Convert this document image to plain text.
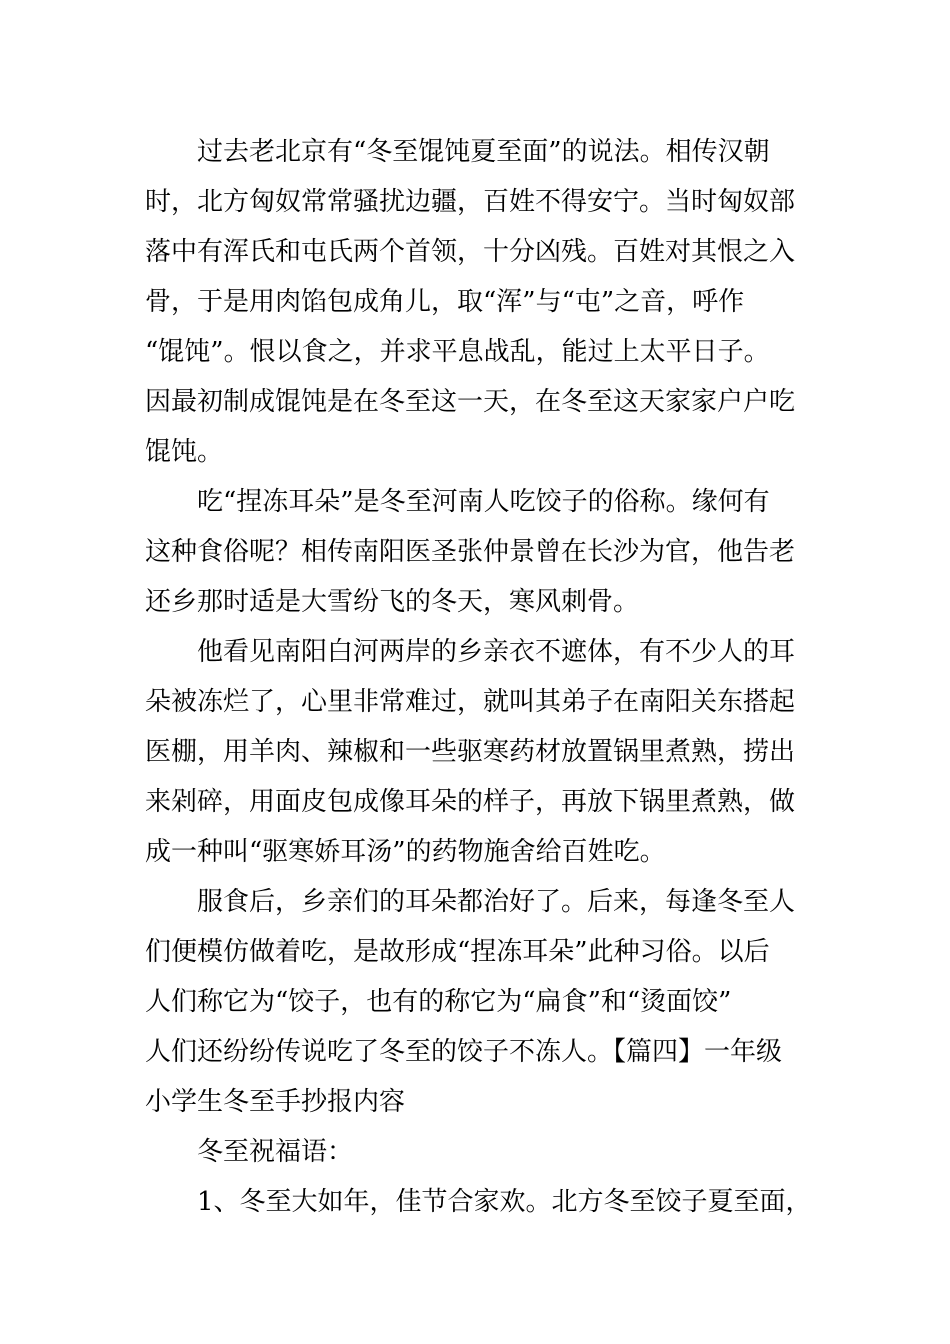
过去老北京有“冬至馄饨夏至面”的说法。相传汉朝
时，北方匈奴常常骚扰边疆，百姓不得安宁。当时匈奴部
落中有浑氏和屯氏两个首领，十分凶残。百姓对其恨之入
骨，于是用肉馅包成角儿，取“浑”与“屯”之音，呼作
“馄饨”。恨以食之，并求平息战乱，能过上太平日子。
因最初制成馄饨是在冬至这一天，在冬至这天家家户户吃
馄饨。
吃“捏冻耳朵”是冬至河南人吃饺子的俗称。缘何有
这种食俗呢？相传南阳医圣张仲景曾在长沙为官，他告老
还乡那时适是大雪纷飞的冬天，寒风刺骨。
他看见南阳白河两岸的乡亲衣不遮体，有不少人的耳
朵被冻烂了，心里非常难过，就叫其弟子在南阳关东搭起
医棚，用羊肉、辣椒和一些驱寒药材放置锅里煮熟，捞出
来剁碎，用面皮包成像耳朵的样子，再放下锅里煮熟，做
成一种叫“驱寒娇耳汤”的药物施舍给百姓吃。
服食后，乡亲们的耳朵都治好了。后来，每逢冬至人
们便模仿做着吃，是故形成“捏冻耳朵”此种习俗。以后
人们称它为“饺子，也有的称它为“扁食”和“烫面饺”
人们还纷纷传说吃了冬至的饺子不冻人。【篇四】一年级
小学生冬至手抄报内容
冬至祝福语：
1、冬至大如年，佳节合家欢。北方冬至饺子夏至面，
